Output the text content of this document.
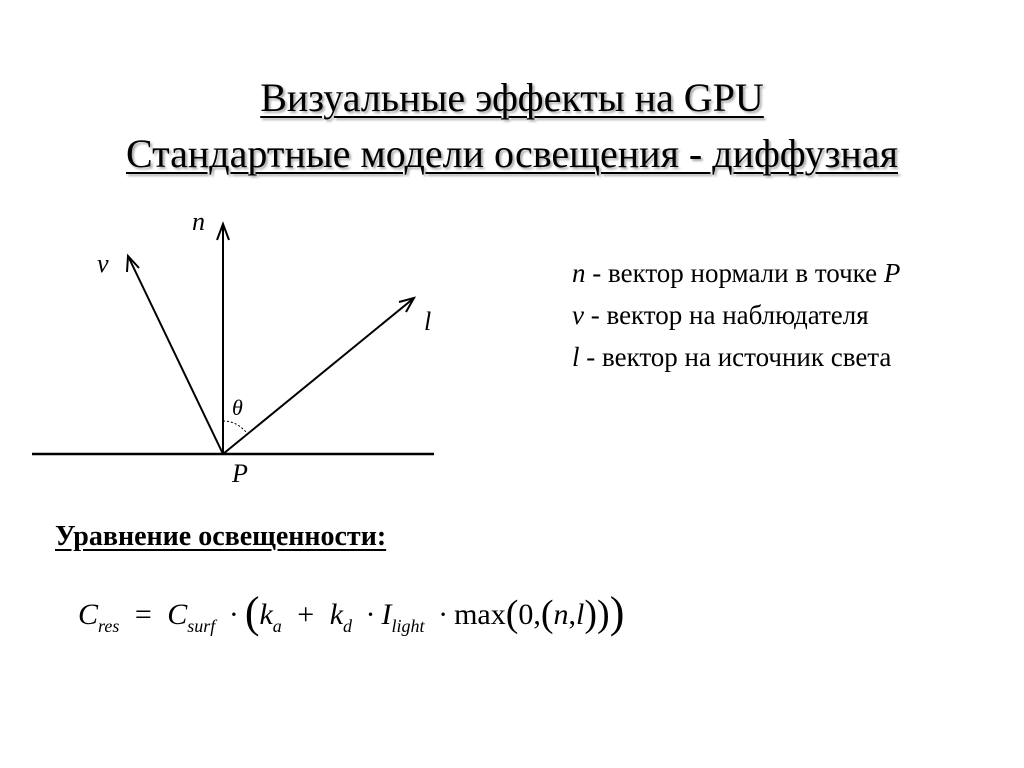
Визуальные эффекты на GPU
Стандартные модели освещения - диффузная
n
v
l
θ
P
n - вектор нормали в точке P
v - вектор на наблюдателя
l - вектор на источник света
Уравнение освещенности:
$C_{res} = C_{surf} \cdot (k_a + k_d \cdot I_{light} \cdot \max(0,(n,l)))$
